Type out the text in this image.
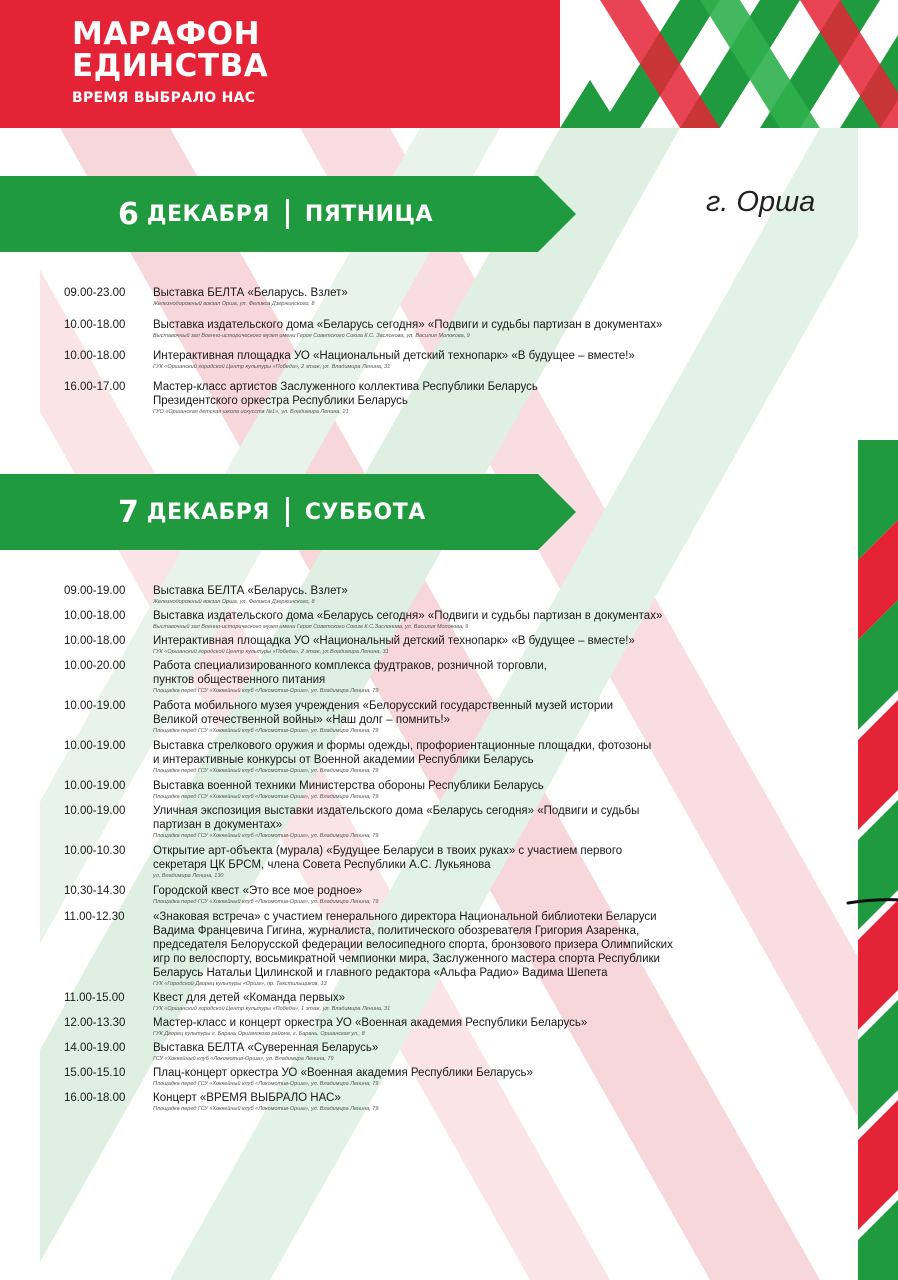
МАРАФОН
ЕДИНСТВА
ВРЕМЯ ВЫБРАЛО НАС
г. Орша
6 ДЕКАБРЯ ПЯТНИЦА
09.00-23.00	Выставка БЕЛТА «Беларусь. Взлет»
Железнодорожный вокзал Орша, ул. Феликса Дзержинского, 8
10.00-18.00	Выставка издательского дома «Беларусь сегодня» «Подвиги и судьбы партизан в документах»
Выставочный зал Военно-исторического музея имени Героя Советского Союза К.С. Заслонова, ул. Василия Молокова, 9
10.00-18.00	Интерактивная площадка УО «Национальный детский технопарк» «В будущее – вместе!»
ГУК «Оршанский городской Центр культуры «Победа», 2 этаж, ул. Владимира Ленина, 31
16.00-17.00	Мастер-класс артистов Заслуженного коллектива Республики Беларусь
Президентского оркестра Республики Беларусь
ГУО «Оршанская детская школа искусств №1», ул. Владимира Ленина, 21
7 ДЕКАБРЯ СУББОТА
09.00-19.00	Выставка БЕЛТА «Беларусь. Взлет»
Железнодорожный вокзал Орша, ул. Феликса Дзержинского, 8
10.00-18.00	Выставка издательского дома «Беларусь сегодня» «Подвиги и судьбы партизан в документах»
Выставочный зал Военно-исторического музея имени Героя Советского Союза К.С.Заслонова, ул. Василия Молокова, 9
10.00-18.00	Интерактивная площадка УО «Национальный детский технопарк» «В будущее – вместе!»
ГУК «Оршанский городской Центр культуры «Победа», 2 этаж, ул.Владимира Ленина, 31
10.00-20.00	Работа специализированного комплекса фудтраков, розничной торговли,
пунктов общественного питания
Площадка перед ГСУ «Хоккейный клуб «Локомотив-Орша», ул. Владимира Ленина, 79
10.00-19.00	Работа мобильного музея учреждения «Белорусский государственный музей истории
Великой отечественной войны» «Наш долг – помнить!»
Площадка перед ГСУ «Хоккейный клуб «Локомотив-Орша», ул. Владимира Ленина, 79
10.00-19.00	Выставка стрелкового оружия и формы одежды, профориентационные площадки, фотозоны
и интерактивные конкурсы от Военной академии Республики Беларусь
Площадка перед ГСУ «Хоккейный клуб «Локомотив-Орша», ул. Владимира Ленина, 79
10.00-19.00	Выставка военной техники Министерства обороны Республики Беларусь
Площадка перед ГСУ «Хоккейный клуб «Локомотив-Орша», ул. Владимира Ленина, 79
10.00-19.00	Уличная экспозиция выставки издательского дома «Беларусь сегодня» «Подвиги и судьбы
партизан в документах»
Площадка перед ГСУ «Хоккейный клуб «Локомотив-Орша», ул. Владимира Ленина, 79
10.00-10.30	Открытие арт-объекта (мурала) «Будущее Беларуси в твоих руках» с участием первого
секретаря ЦК БРСМ, члена Совета Республики А.С. Лукьянова
ул. Владимира Ленина, 130
10.30-14.30	Городской квест «Это все мое родное»
Площадка перед ГСУ «Хоккейный клуб «Локомотив-Орша», ул. Владимира Ленина, 79
11.00-12.30	«Знаковая встреча» с участием генерального директора Национальной библиотеки Беларуси
Вадима Францевича Гигина, журналиста, политического обозревателя Григория Азаренка,
председателя Белорусской федерации велосипедного спорта, бронзового призера Олимпийских
игр по велоспорту, восьмикратной чемпионки мира, Заслуженного мастера спорта Республики
Беларусь Натальи Цилинской и главного редактора «Альфа Радио» Вадима Шепета
ГУК «Городской Дворец культуры «Орша», пр. Текстильщиков, 13
11.00-15.00	Квест для детей «Команда первых»
ГУК «Оршанский городской Центр культуры «Победа», 1 этаж, ул. Владимира Ленина, 31
12.00-13.30	Мастер-класс и концерт оркестра УО «Военная академия Республики Беларусь»
ГУК Дворец культуры г. Барань Оршанского района, г. Барань, Оршанская ул., 8
14.00-19.00	Выставка БЕЛТА «Суверенная Беларусь»
ГСУ «Хоккейный клуб «Локомотив-Орша», ул. Владимира Ленина, 79
15.00-15.10	Плац-концерт оркестра УО «Военная академия Республики Беларусь»
Площадка перед ГСУ «Хоккейный клуб «Локомотив-Орша», ул. Владимира Ленина, 79
16.00-18.00	Концерт «ВРЕМЯ ВЫБРАЛО НАС»
Площадка перед ГСУ «Хоккейный клуб «Локомотив-Орша», ул. Владимира Ленина, 79
